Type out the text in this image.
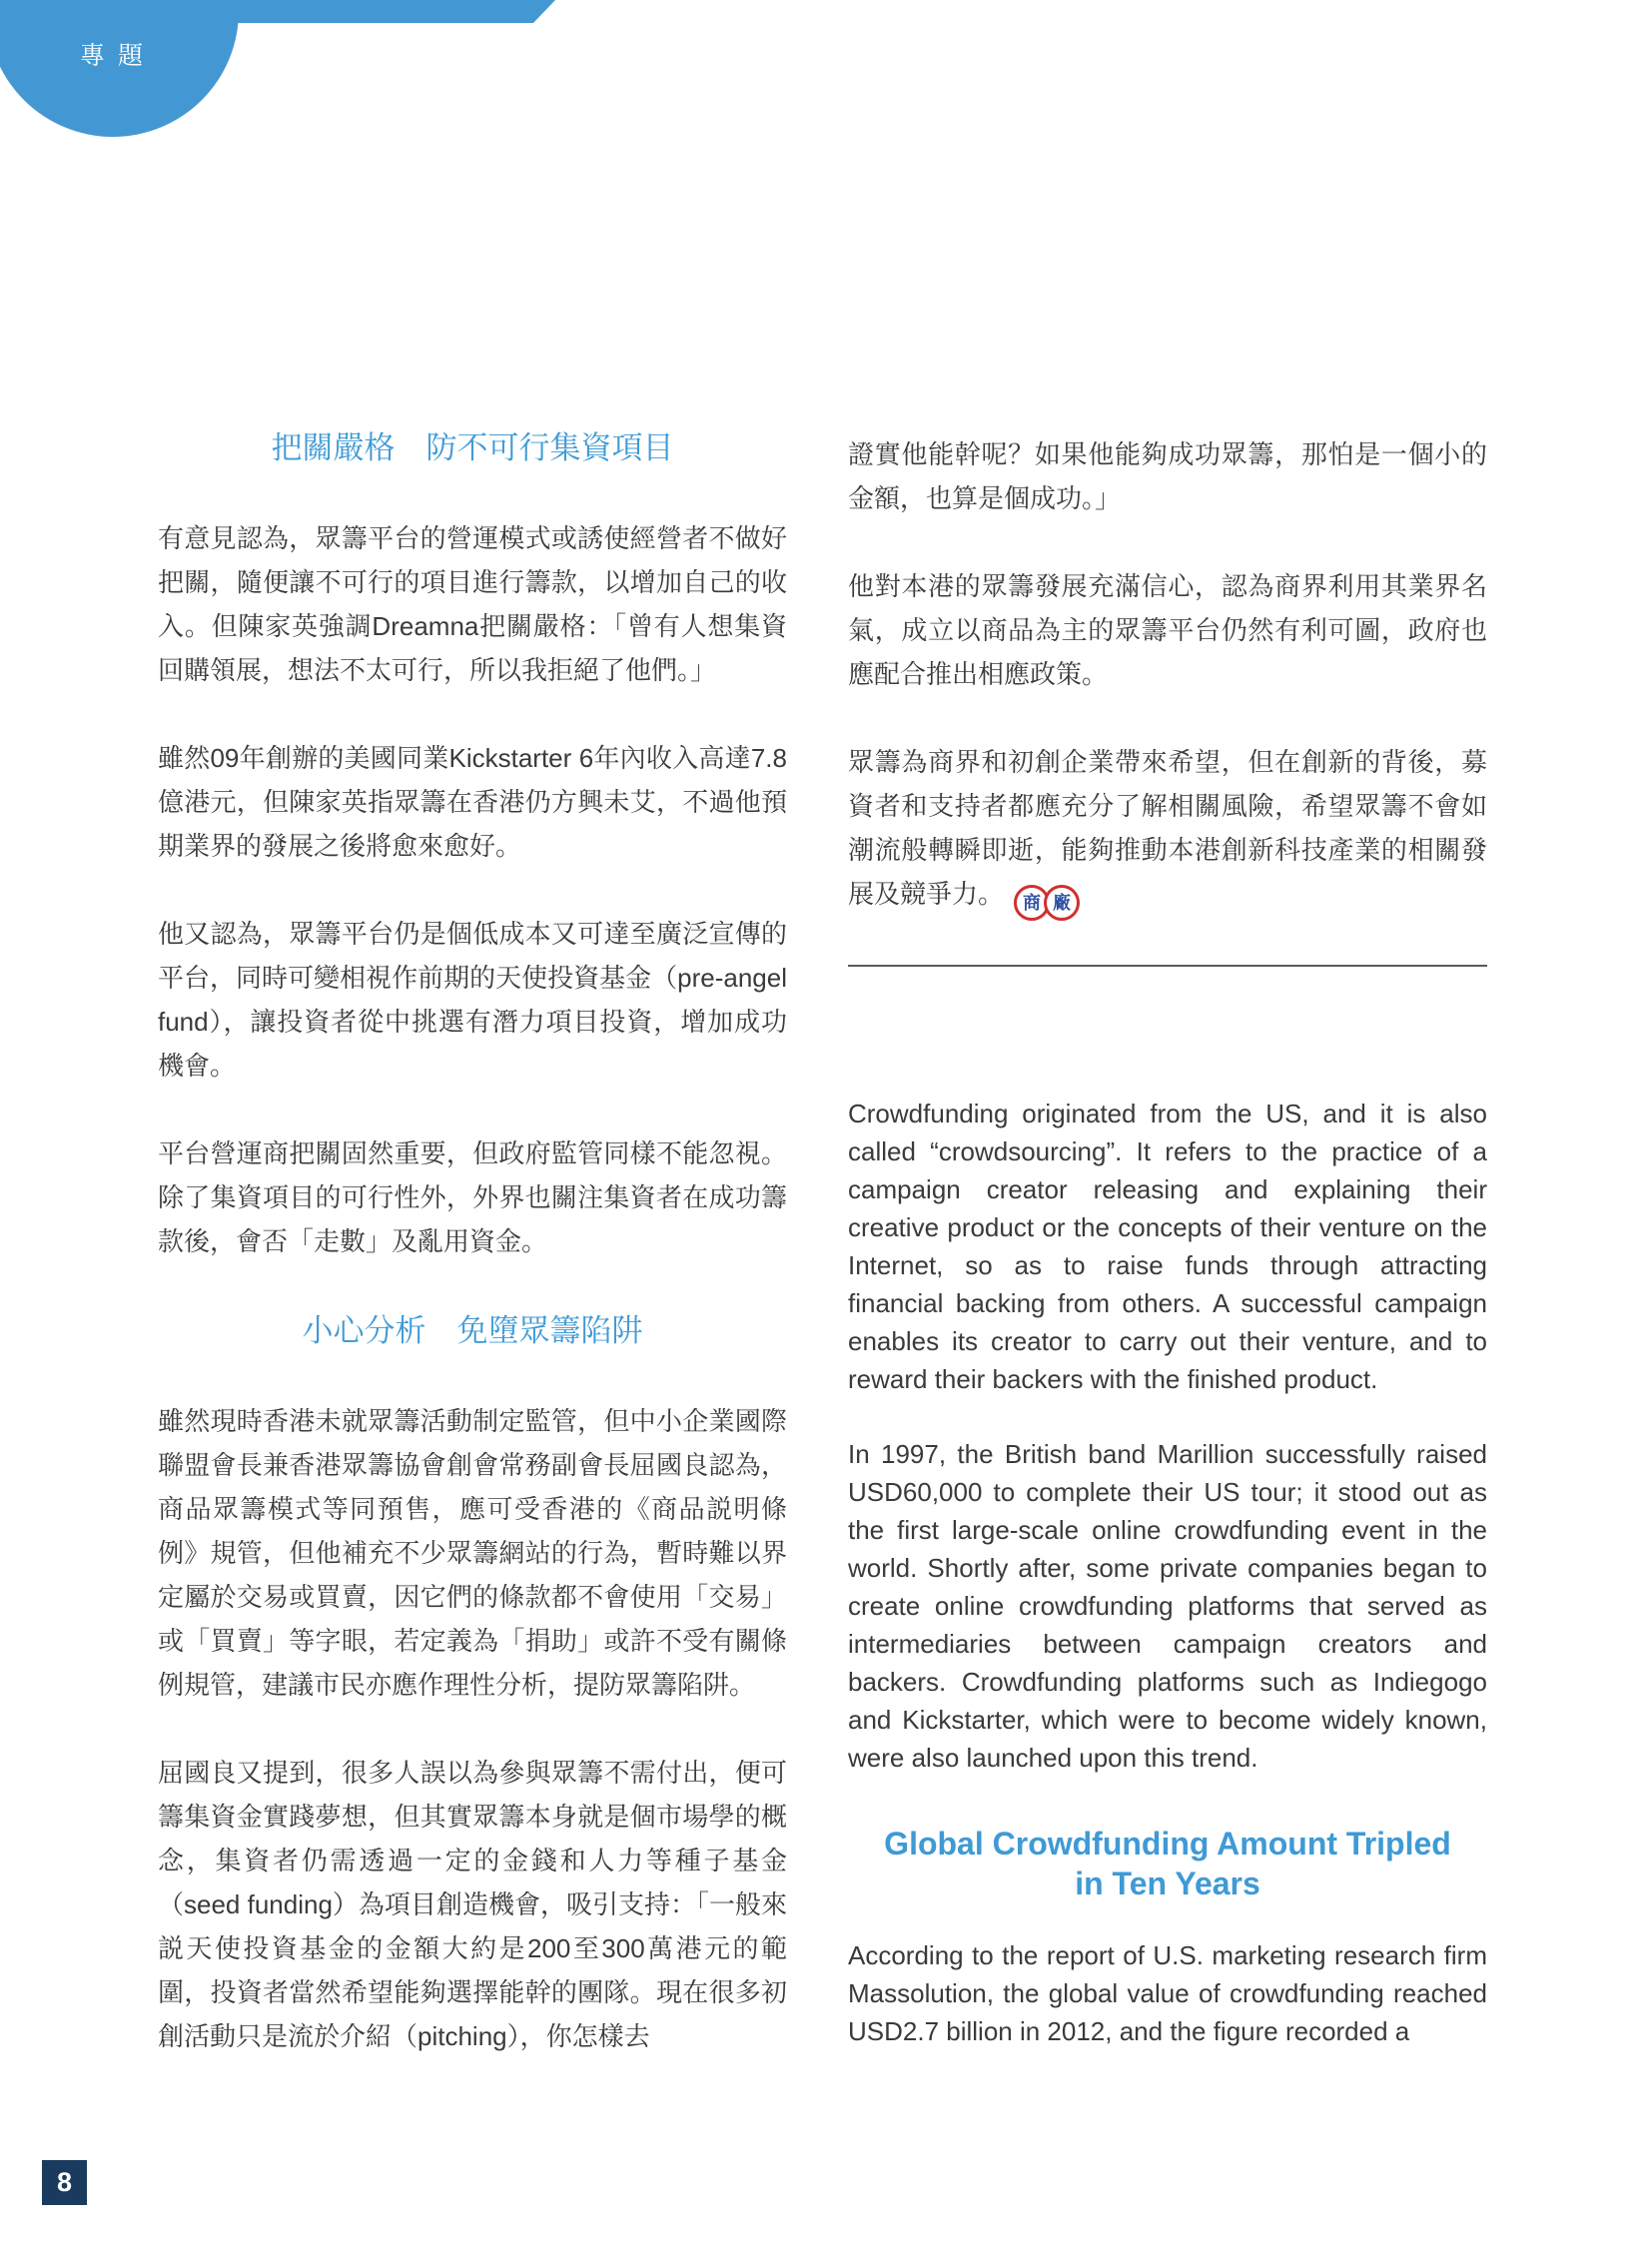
專題
把關嚴格　防不可行集資項目

有意見認為，眾籌平台的營運模式或誘使經營者不做好把關，隨便讓不可行的項目進行籌款，以增加自己的收入。但陳家英強調Dreamna把關嚴格：「曾有人想集資回購領展，想法不太可行，所以我拒絕了他們。」

雖然09年創辦的美國同業Kickstarter 6年內收入高達7.8億港元，但陳家英指眾籌在香港仍方興未艾，不過他預期業界的發展之後將愈來愈好。

他又認為，眾籌平台仍是個低成本又可達至廣泛宣傳的平台，同時可變相視作前期的天使投資基金（pre-angel fund），讓投資者從中挑選有潛力項目投資，增加成功機會。

平台營運商把關固然重要，但政府監管同樣不能忽視。除了集資項目的可行性外，外界也關注集資者在成功籌款後，會否「走數」及亂用資金。

小心分析　免墮眾籌陷阱

雖然現時香港未就眾籌活動制定監管，但中小企業國際聯盟會長兼香港眾籌協會創會常務副會長屈國良認為，商品眾籌模式等同預售，應可受香港的《商品説明條例》規管，但他補充不少眾籌網站的行為，暫時難以界定屬於交易或買賣，因它們的條款都不會使用「交易」或「買賣」等字眼，若定義為「捐助」或許不受有關條例規管，建議市民亦應作理性分析，提防眾籌陷阱。

屈國良又提到，很多人誤以為參與眾籌不需付出，便可籌集資金實踐夢想，但其實眾籌本身就是個市場學的概念，集資者仍需透過一定的金錢和人力等種子基金（seed funding）為項目創造機會，吸引支持：「一般來説天使投資基金的金額大約是200至300萬港元的範圍，投資者當然希望能夠選擇能幹的團隊。現在很多初創活動只是流於介紹（pitching），你怎樣去

證實他能幹呢？如果他能夠成功眾籌，那怕是一個小的金額，也算是個成功。」

他對本港的眾籌發展充滿信心，認為商界利用其業界名氣，成立以商品為主的眾籌平台仍然有利可圖，政府也應配合推出相應政策。

眾籌為商界和初創企業帶來希望，但在創新的背後，募資者和支持者都應充分了解相關風險，希望眾籌不會如潮流般轉瞬即逝，能夠推動本港創新科技產業的相關發展及競爭力。	商 廠

Crowdfunding originated from the US, and it is also called “crowdsourcing”. It refers to the practice of a campaign creator releasing and explaining their creative product or the concepts of their venture on the Internet, so as to raise funds through attracting financial backing from others. A successful campaign enables its creator to carry out their venture, and to reward their backers with the finished product.

In 1997, the British band Marillion successfully raised USD60,000 to complete their US tour; it stood out as the first large-scale online crowdfunding event in the world. Shortly after, some private companies began to create online crowdfunding platforms that served as intermediaries between campaign creators and backers. Crowdfunding platforms such as Indiegogo and Kickstarter, which were to become widely known, were also launched upon this trend.

Global Crowdfunding Amount Tripled
in Ten Years

According to the report of U.S. marketing research firm Massolution, the global value of crowdfunding reached USD2.7 billion in 2012, and the figure recorded a

8
